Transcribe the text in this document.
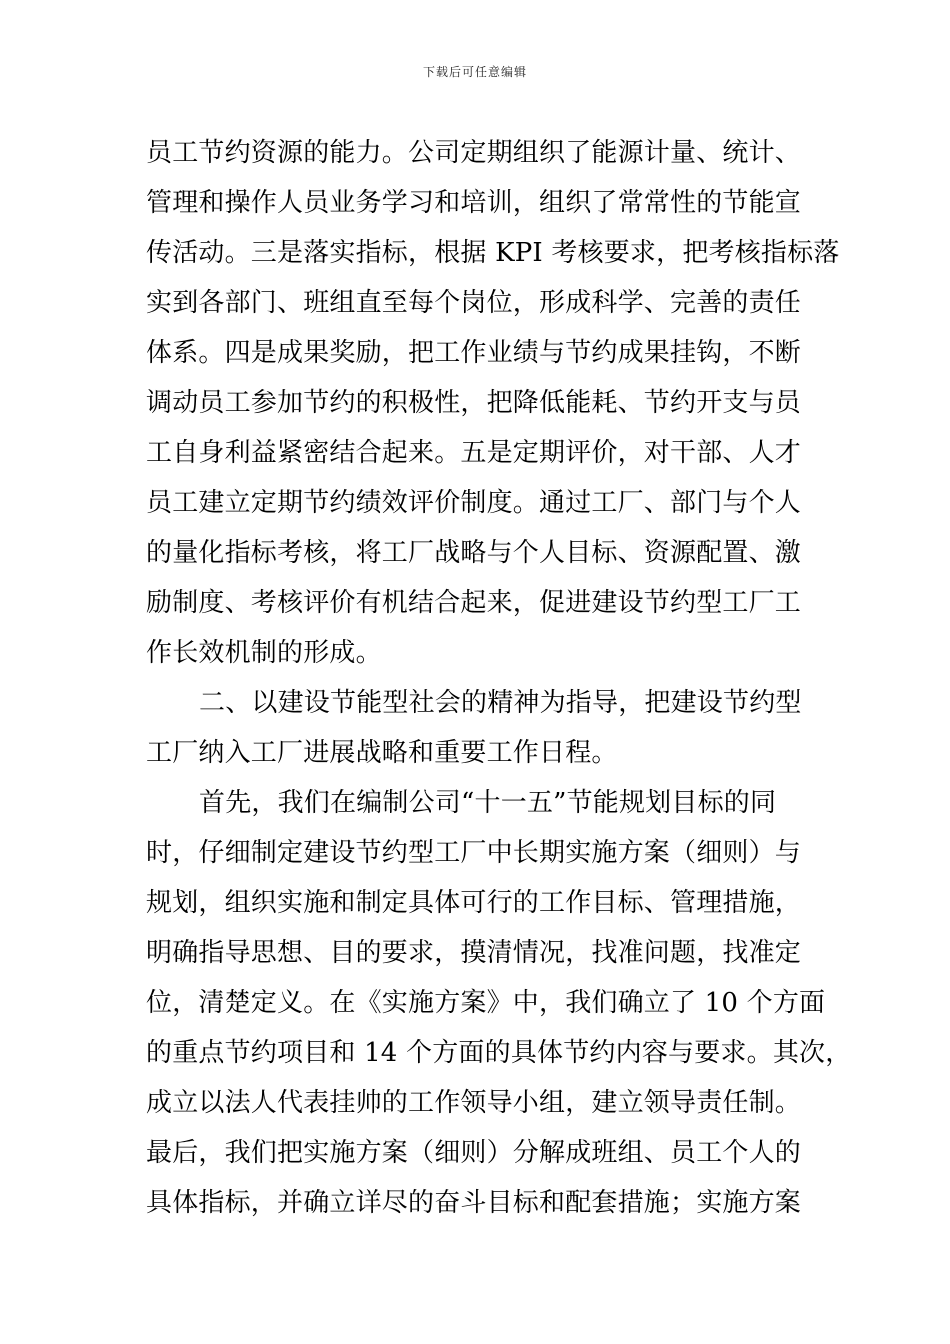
下载后可任意编辑
员工节约资源的能力。公司定期组织了能源计量、统计、
管理和操作人员业务学习和培训，组织了常常性的节能宣
传活动。三是落实指标，根据 KPI 考核要求，把考核指标落
实到各部门、班组直至每个岗位，形成科学、完善的责任
体系。四是成果奖励，把工作业绩与节约成果挂钩，不断
调动员工参加节约的积极性，把降低能耗、节约开支与员
工自身利益紧密结合起来。五是定期评价，对干部、人才
员工建立定期节约绩效评价制度。通过工厂、部门与个人
的量化指标考核，将工厂战略与个人目标、资源配置、激
励制度、考核评价有机结合起来，促进建设节约型工厂工
作长效机制的形成。
二、以建设节能型社会的精神为指导，把建设节约型
工厂纳入工厂进展战略和重要工作日程。
首先，我们在编制公司“十一五”节能规划目标的同
时，仔细制定建设节约型工厂中长期实施方案（细则）与
规划，组织实施和制定具体可行的工作目标、管理措施，
明确指导思想、目的要求，摸清情况，找准问题，找准定
位，清楚定义。在《实施方案》中，我们确立了 10 个方面
的重点节约项目和 14 个方面的具体节约内容与要求。其次，
成立以法人代表挂帅的工作领导小组，建立领导责任制。
最后，我们把实施方案（细则）分解成班组、员工个人的
具体指标，并确立详尽的奋斗目标和配套措施；实施方案
